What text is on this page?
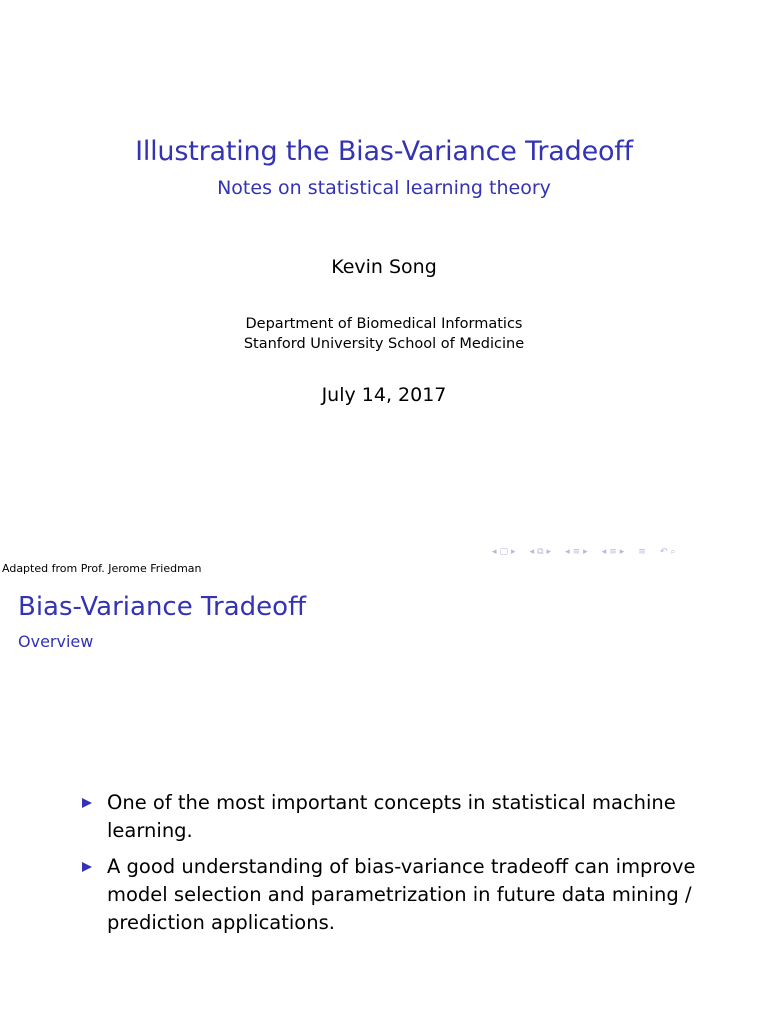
Illustrating the Bias-Variance Tradeoff
Notes on statistical learning theory
Kevin Song
Department of Biomedical Informatics
Stanford University School of Medicine
July 14, 2017
◂ ▢ ▸ ◂ ⧉ ▸ ◂ ≡ ▸ ◂ ≡ ▸ ≡ ↶ ⌕
Adapted from Prof. Jerome Friedman
Bias-Variance Tradeoff
Overview
One of the most important concepts in statistical machine learning.
A good understanding of bias-variance tradeoff can improve model selection and parametrization in future data mining / prediction applications.
